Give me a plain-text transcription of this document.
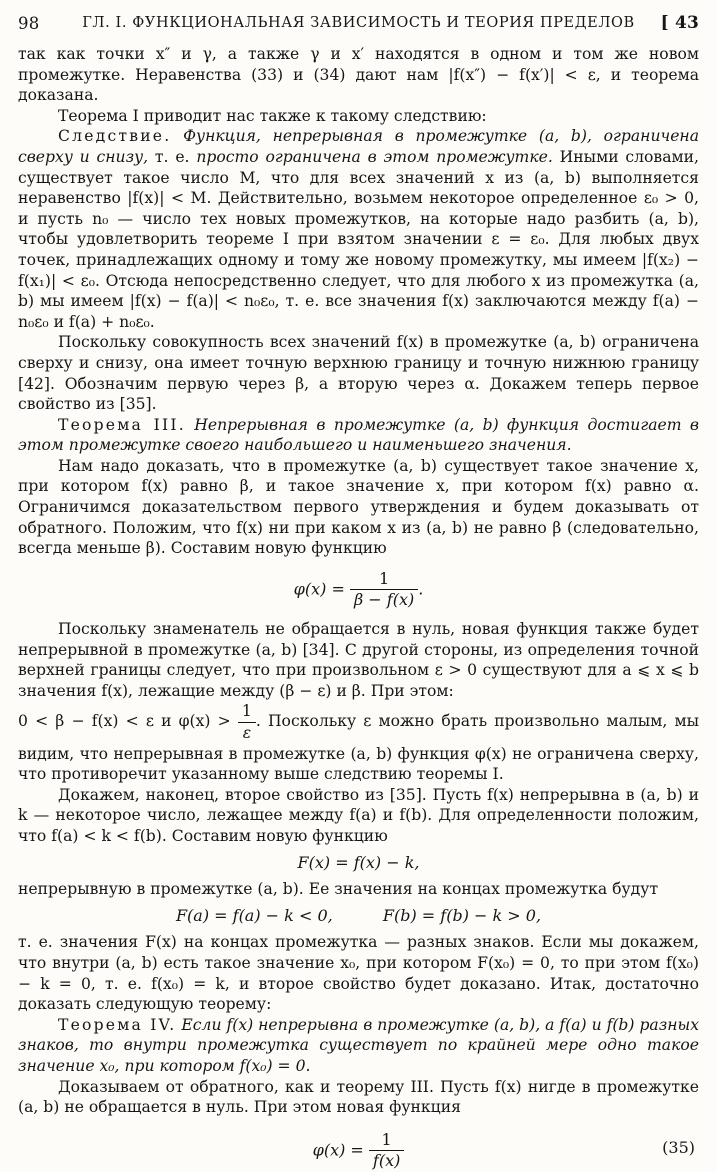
98	ГЛ. I. ФУНКЦИОНАЛЬНАЯ ЗАВИСИМОСТЬ И ТЕОРИЯ ПРЕДЕЛОВ	[ 43

так как точки x″ и γ, а также γ и x′ находятся в одном и том же новом промежутке. Неравенства (33) и (34) дают нам |f(x″) − f(x′)| < ε, и теорема доказана.

Теорема I приводит нас также к такому следствию:

Следствие. Функция, непрерывная в промежутке (a, b), ограничена сверху и снизу, т. е. просто ограничена в этом промежутке. Иными словами, существует такое число M, что для всех значений x из (a, b) выполняется неравенство |f(x)| < M. Действительно, возьмем некоторое определенное ε₀ > 0, и пусть n₀ — число тех новых промежутков, на которые надо разбить (a, b), чтобы удовлетворить теореме I при взятом значении ε = ε₀. Для любых двух точек, принадлежащих одному и тому же новому промежутку, мы имеем |f(x₂) − f(x₁)| < ε₀. Отсюда непосредственно следует, что для любого x из промежутка (a, b) мы имеем |f(x) − f(a)| < n₀ε₀, т. е. все значения f(x) заключаются между f(a) − n₀ε₀ и f(a) + n₀ε₀.

Поскольку совокупность всех значений f(x) в промежутке (a, b) ограничена сверху и снизу, она имеет точную верхнюю границу и точную нижнюю границу [42]. Обозначим первую через β, а вторую через α. Докажем теперь первое свойство из [35].

Теорема III. Непрерывная в промежутке (a, b) функция достигает в этом промежутке своего наибольшего и наименьшего значения.

Нам надо доказать, что в промежутке (a, b) существует такое значение x, при котором f(x) равно β, и такое значение x, при котором f(x) равно α. Ограничимся доказательством первого утверждения и будем доказывать от обратного. Положим, что f(x) ни при каком x из (a, b) не равно β (следовательно, всегда меньше β). Составим новую функцию

$\varphi(x) = \frac{1}{\beta - f(x)}$ .

Поскольку знаменатель не обращается в нуль, новая функция также будет непрерывной в промежутке (a, b) [34]. С другой стороны, из определения точной верхней границы следует, что при произвольном ε > 0 существуют для a ⩽ x ⩽ b значения f(x), лежащие между (β − ε) и β. При этом:

0 < β − f(x) < ε и $\varphi(x) > \frac{1}{\varepsilon}$ . Поскольку ε можно брать произвольно малым, мы видим, что непрерывная в промежутке (a, b) функция φ(x) не ограничена сверху, что противоречит указанному выше следствию теоремы I.

Докажем, наконец, второе свойство из [35]. Пусть f(x) непрерывна в (a, b) и k — некоторое число, лежащее между f(a) и f(b). Для определенности положим, что f(a) < k < f(b). Составим новую функцию

F(x) = f(x) − k,

непрерывную в промежутке (a, b). Ее значения на концах промежутка будут

F(a) = f(a) − k < 0,	F(b) = f(b) − k > 0,

т. е. значения F(x) на концах промежутка — разных знаков. Если мы докажем, что внутри (a, b) есть такое значение x₀, при котором F(x₀) = 0, то при этом f(x₀) − k = 0, т. е. f(x₀) = k, и второе свойство будет доказано. Итак, достаточно доказать следующую теорему:

Теорема IV. Если f(x) непрерывна в промежутке (a, b), а f(a) и f(b) разных знаков, то внутри промежутка существует по крайней мере одно такое значение x₀, при котором f(x₀) = 0.

Доказываем от обратного, как и теорему III. Пусть f(x) нигде в промежутке (a, b) не обращается в нуль. При этом новая функция

$\varphi(x) = \frac{1}{f(x)}$	(35)
